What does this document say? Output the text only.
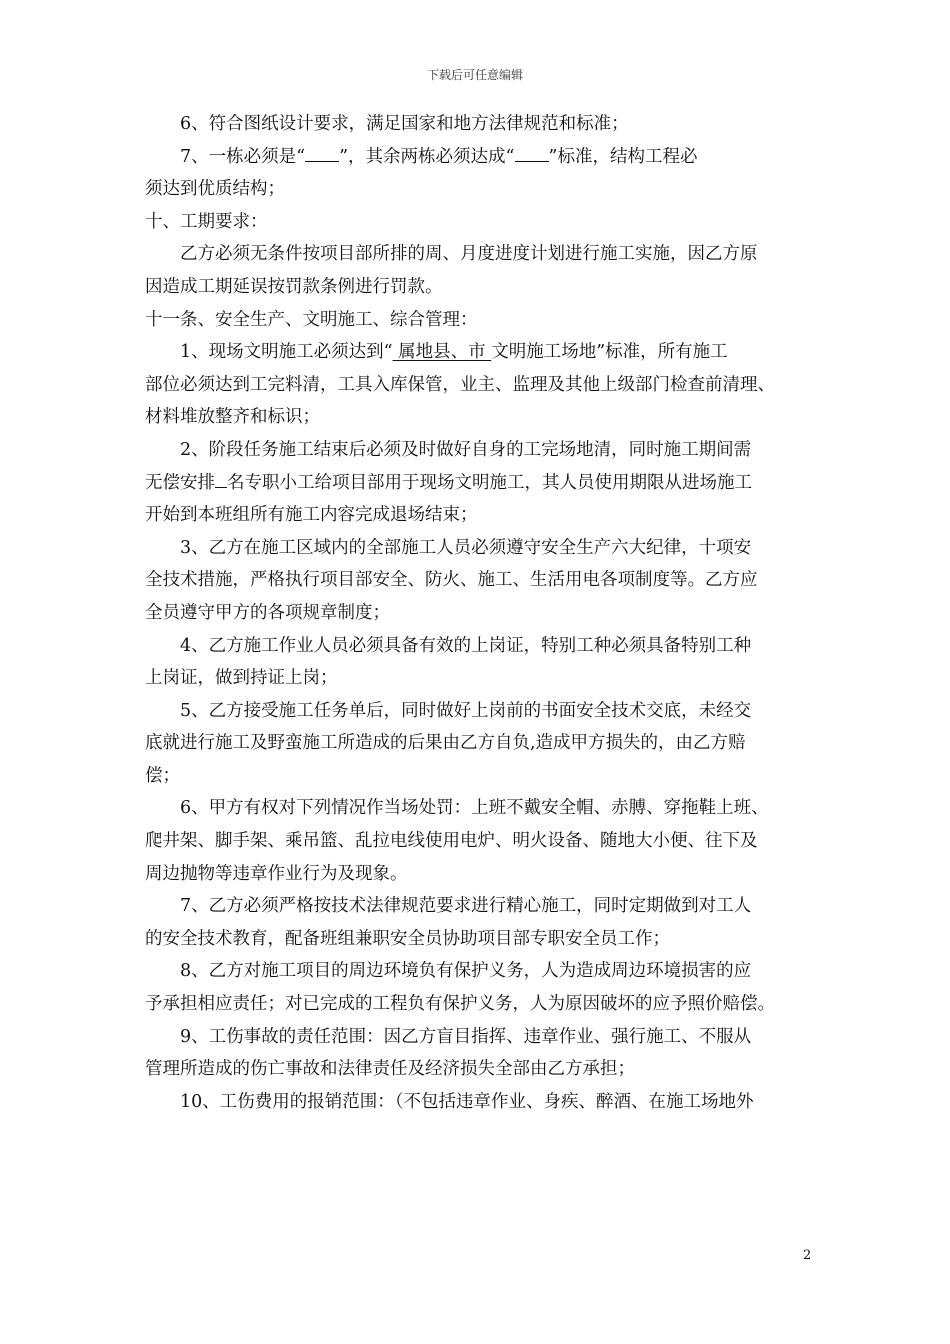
下载后可任意编辑
6、符合图纸设计要求，满足国家和地方法律规范和标准；
7、一栋必须是“ ”，其余两栋必须达成“ ”标准，结构工程必
须达到优质结构；
十、工期要求：
乙方必须无条件按项目部所排的周、月度进度计划进行施工实施，因乙方原
因造成工期延误按罚款条例进行罚款。
十一条、安全生产、文明施工、综合管理：
1、现场文明施工必须达到“ 属地县、市 文明施工场地”标准，所有施工
部位必须达到工完料清，工具入库保管，业主、监理及其他上级部门检查前清理、
材料堆放整齐和标识；
2、阶段任务施工结束后必须及时做好自身的工完场地清，同时施工期间需
无偿安排 名专职小工给项目部用于现场文明施工，其人员使用期限从进场施工
开始到本班组所有施工内容完成退场结束；
3、乙方在施工区域内的全部施工人员必须遵守安全生产六大纪律，十项安
全技术措施，严格执行项目部安全、防火、施工、生活用电各项制度等。乙方应
全员遵守甲方的各项规章制度；
4、乙方施工作业人员必须具备有效的上岗证，特别工种必须具备特别工种
上岗证，做到持证上岗；
5、乙方接受施工任务单后，同时做好上岗前的书面安全技术交底，未经交
底就进行施工及野蛮施工所造成的后果由乙方自负,造成甲方损失的，由乙方赔
偿；
6、甲方有权对下列情况作当场处罚：上班不戴安全帽、赤膊、穿拖鞋上班、
爬井架、脚手架、乘吊篮、乱拉电线使用电炉、明火设备、随地大小便、往下及
周边抛物等违章作业行为及现象。
7、乙方必须严格按技术法律规范要求进行精心施工，同时定期做到对工人
的安全技术教育，配备班组兼职安全员协助项目部专职安全员工作；
8、乙方对施工项目的周边环境负有保护义务，人为造成周边环境损害的应
予承担相应责任；对已完成的工程负有保护义务，人为原因破坏的应予照价赔偿。
9、工伤事故的责任范围：因乙方盲目指挥、违章作业、强行施工、不服从
管理所造成的伤亡事故和法律责任及经济损失全部由乙方承担；
10、工伤费用的报销范围：（不包括违章作业、身疾、醉酒、在施工场地外
2
